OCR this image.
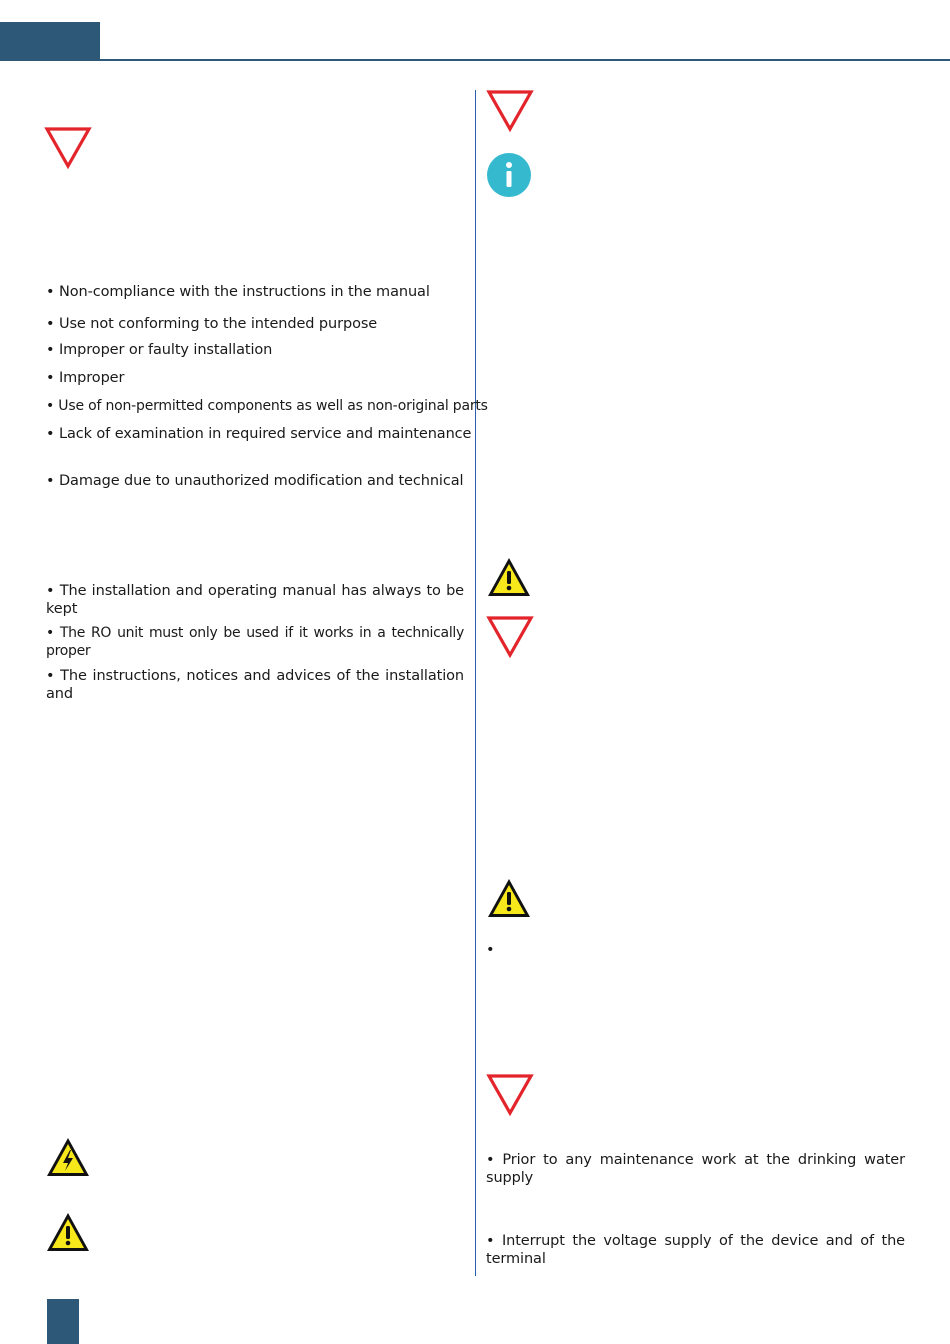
• Non-compliance with the instructions in the manual
• Use not conforming to the intended purpose
• Improper or faulty installation
• Improper
• Use of non-permitted components as well as non-original parts
• Lack of examination in required service and maintenance
• Damage due to unauthorized modification and technical
• The installation and operating manual has always to be kept
• The RO unit must only be used if it works in a technically proper
• The instructions, notices and advices of the installation and
•
• Prior to any maintenance work at the drinking water supply
• Interrupt the voltage supply of the device and of the terminal
